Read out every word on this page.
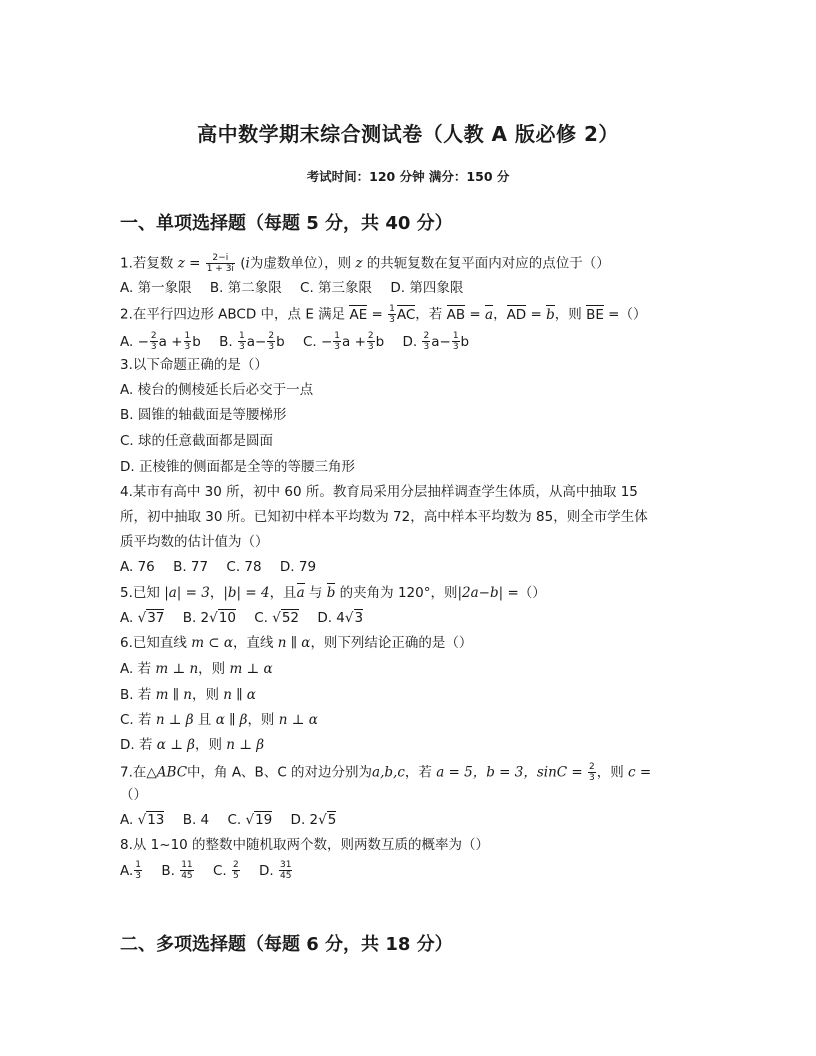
高中数学期末综合测试卷（人教 A 版必修 2）
考试时间：120 分钟 满分：150 分
一、单项选择题（每题 5 分，共 40 分）
1.若复数 $z = \frac{2-i}{1 + 3i} (i$为虚数单位），则 z 的共轭复数在复平面内对应的点位于（）
A. 第一象限 B. 第二象限 C. 第三象限 D. 第四象限
2.在平行四边形 ABCD 中，点 E 满足 AE = $\frac{1}{3}$ AC，若 AB = a，AD = b，则 BE =（）
A. − $\frac{2}{3}$ $a + \frac{1}{3}$ b B. $\frac{1}{3} a- \frac{2}{3}$ b C. − $\frac{1}{3}$ $a + \frac{2}{3}$ b D. $\frac{2}{3} a- \frac{1}{3}$ b
3.以下命题正确的是（）
A. 棱台的侧棱延长后必交于一点
B. 圆锥的轴截面是等腰梯形
C. 球的任意截面都是圆面
D. 正棱锥的侧面都是全等的等腰三角形
4.某市有高中 30 所，初中 60 所。教育局采用分层抽样调查学生体质，从高中抽取 15
所，初中抽取 30 所。已知初中样本平均数为 72，高中样本平均数为 85，则全市学生体
质平均数的估计值为（）
A. 76 B. 77 C. 78 D. 79
5.已知 |a| = 3，|b| = 4，且a 与 b 的夹角为 120°，则|2a−b| =（）
A. √37 B. 2√10 C. √52 D. 4√3
6.已知直线 m ⊂ α，直线 n ∥ α，则下列结论正确的是（）
A. 若 m ⊥ n，则 m ⊥ α
B. 若 m ∥ n，则 n ∥ α
C. 若 n ⊥ β 且 α ∥ β，则 n ⊥ α
D. 若 α ⊥ β，则 n ⊥ β
7.在△ABC中，角 A、B、C 的对边分别为a,b,c，若 a = 5，b = 3，$\sin C = \frac{2}{3}$ ，则 c =
（）
A. √13 B. 4 C. √19 D. 2√5
8.从 1~10 的整数中随机取两个数，则两数互质的概率为（）
A. $\frac{1}{3} B$. $\frac{11}{45} C$. $\frac{2}{5} D$. $\frac{31}{45}$
二、多项选择题（每题 6 分，共 18 分）
